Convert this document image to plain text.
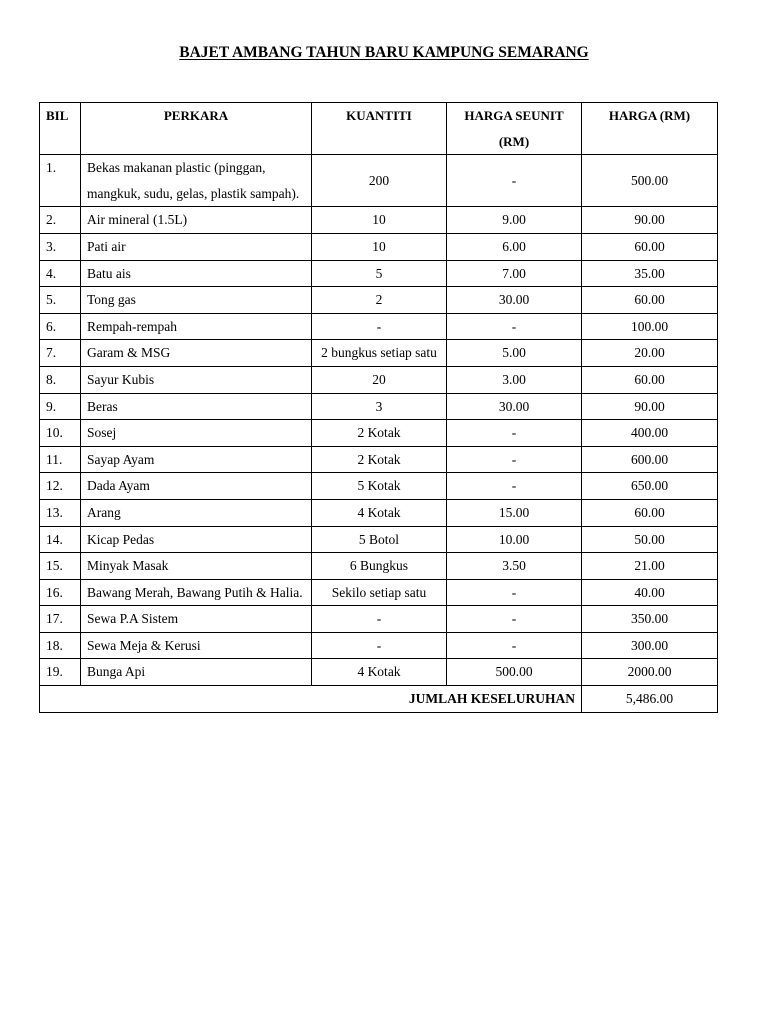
BAJET AMBANG TAHUN BARU KAMPUNG SEMARANG
BIL	PERKARA	KUANTITI	HARGA SEUNIT (RM)	HARGA (RM)
1.	Bekas makanan plastic (pinggan, mangkuk, sudu, gelas, plastik sampah).	200	-	500.00
2.	Air mineral (1.5L)	10	9.00	90.00
3.	Pati air	10	6.00	60.00
4.	Batu ais	5	7.00	35.00
5.	Tong gas	2	30.00	60.00
6.	Rempah-rempah	-	-	100.00
7.	Garam & MSG	2 bungkus setiap satu	5.00	20.00
8.	Sayur Kubis	20	3.00	60.00
9.	Beras	3	30.00	90.00
10.	Sosej	2 Kotak	-	400.00
11.	Sayap Ayam	2 Kotak	-	600.00
12.	Dada Ayam	5 Kotak	-	650.00
13.	Arang	4 Kotak	15.00	60.00
14.	Kicap Pedas	5 Botol	10.00	50.00
15.	Minyak Masak	6 Bungkus	3.50	21.00
16.	Bawang Merah, Bawang Putih & Halia.	Sekilo setiap satu	-	40.00
17.	Sewa P.A Sistem	-	-	350.00
18.	Sewa Meja & Kerusi	-	-	300.00
19.	Bunga Api	4 Kotak	500.00	2000.00
JUMLAH KESELURUHAN				5,486.00
